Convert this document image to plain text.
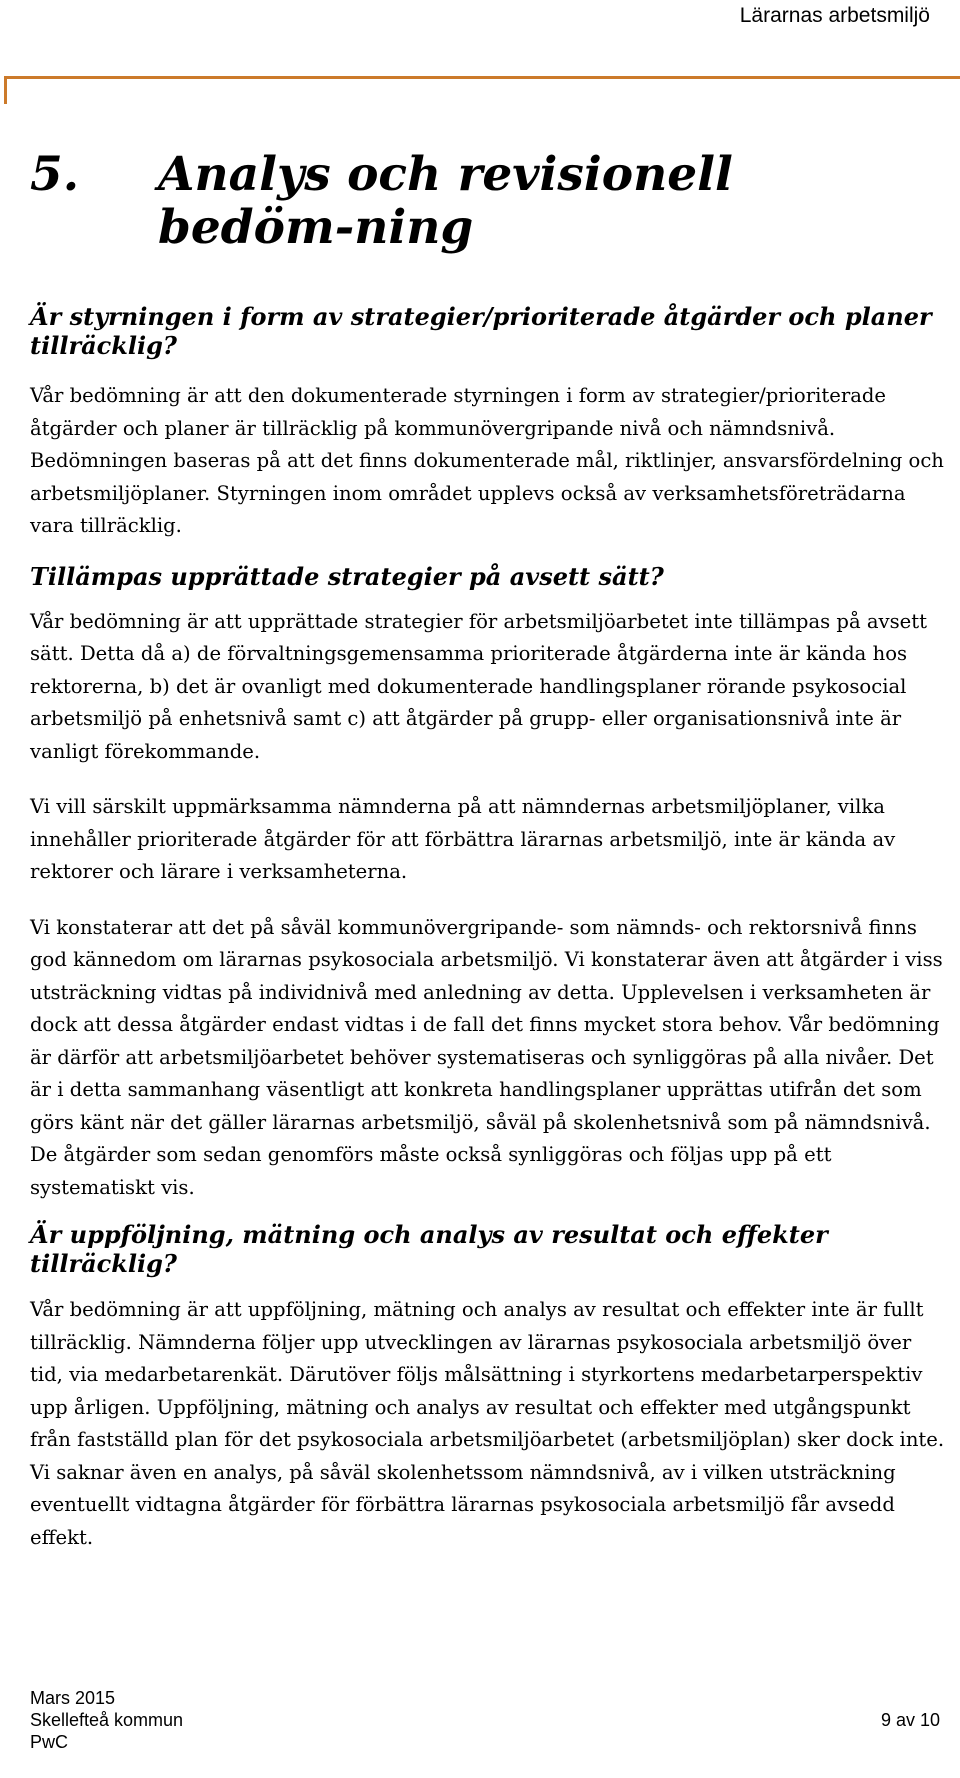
Lärarnas arbetsmiljö
5. Analys och revisionell bedöm-ning
Är styrningen i form av strategier/prioriterade åtgärder och planer tillräcklig?

Vår bedömning är att den dokumenterade styrningen i form av strategier/prioriterade åtgärder och planer är tillräcklig på kommunövergripande nivå och nämndsnivå. Bedömningen baseras på att det finns dokumenterade mål, riktlinjer, ansvarsfördelning och arbetsmiljöplaner. Styrningen inom området upplevs också av verksamhetsföreträdarna vara tillräcklig.

Tillämpas upprättade strategier på avsett sätt?

Vår bedömning är att upprättade strategier för arbetsmiljöarbetet inte tillämpas på avsett sätt. Detta då a) de förvaltningsgemensamma prioriterade åtgärderna inte är kända hos rektorerna, b) det är ovanligt med dokumenterade handlingsplaner rörande psykosocial arbetsmiljö på enhetsnivå samt c) att åtgärder på grupp- eller organisationsnivå inte är vanligt förekommande.

Vi vill särskilt uppmärksamma nämnderna på att nämndernas arbetsmiljöplaner, vilka innehåller prioriterade åtgärder för att förbättra lärarnas arbetsmiljö, inte är kända av rektorer och lärare i verksamheterna.

Vi konstaterar att det på såväl kommunövergripande- som nämnds- och rektorsnivå finns god kännedom om lärarnas psykosociala arbetsmiljö. Vi konstaterar även att åtgärder i viss utsträckning vidtas på individnivå med anledning av detta. Upplevelsen i verksamheten är dock att dessa åtgärder endast vidtas i de fall det finns mycket stora behov. Vår bedömning är därför att arbetsmiljöarbetet behöver systematiseras och synliggöras på alla nivåer. Det är i detta sammanhang väsentligt att konkreta handlingsplaner upprättas utifrån det som görs känt när det gäller lärarnas arbetsmiljö, såväl på skolenhetsnivå som på nämndsnivå. De åtgärder som sedan genomförs måste också synliggöras och följas upp på ett systematiskt vis.

Är uppföljning, mätning och analys av resultat och effekter tillräcklig?

Vår bedömning är att uppföljning, mätning och analys av resultat och effekter inte är fullt tillräcklig. Nämnderna följer upp utvecklingen av lärarnas psykosociala arbetsmiljö över tid, via medarbetarenkät. Därutöver följs målsättning i styrkortens medarbetarperspektiv upp årligen. Uppföljning, mätning och analys av resultat och effekter med utgångspunkt från fastställd plan för det psykosociala arbetsmiljöarbetet (arbetsmiljöplan) sker dock inte. Vi saknar även en analys, på såväl skolenhetssom nämndsnivå, av i vilken utsträckning eventuellt vidtagna åtgärder för förbättra lärarnas psykosociala arbetsmiljö får avsedd effekt.

Mars 2015
Skellefteå kommun
PwC
9 av 10
